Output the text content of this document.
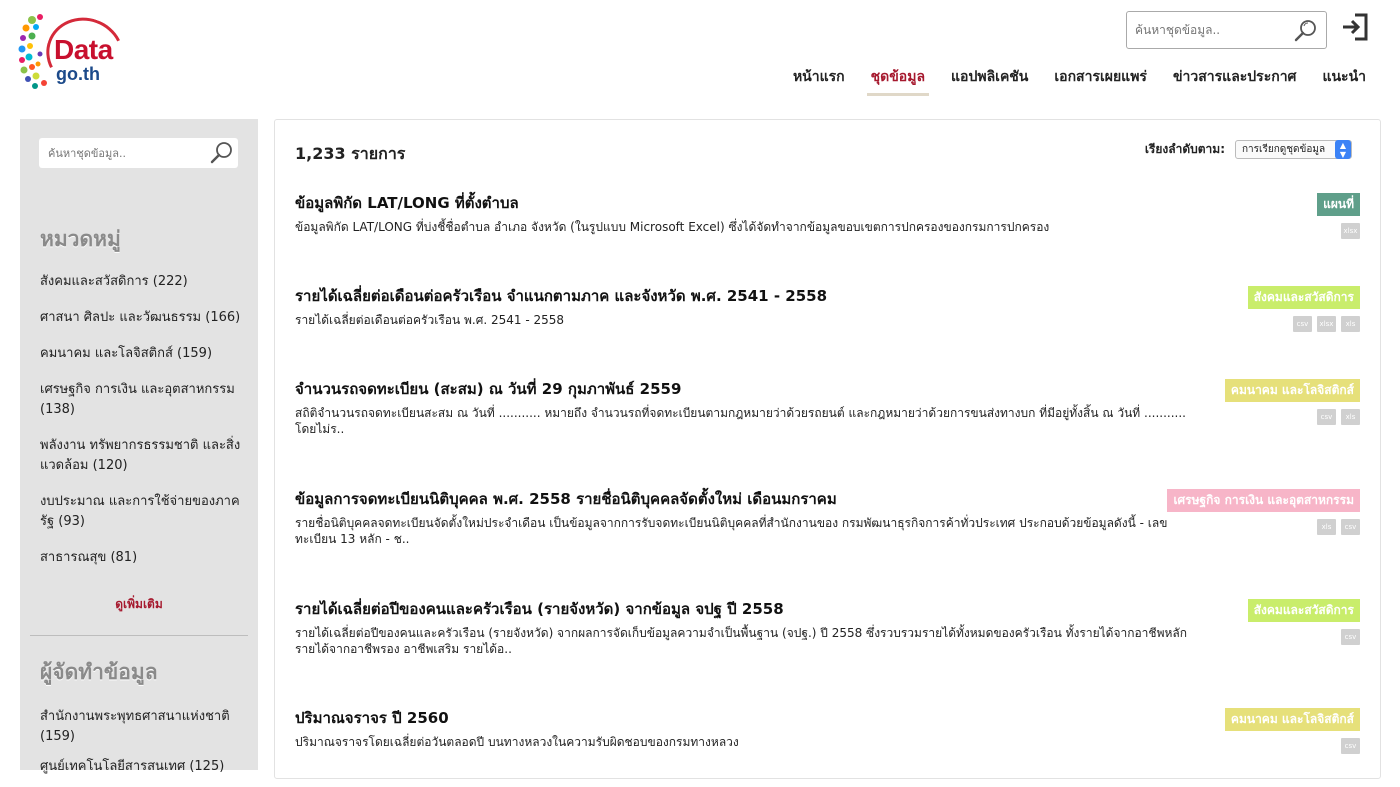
Data
go.th
ค้นหาชุดข้อมูล..	หน้าแรก ชุดข้อมูล แอปพลิเคชัน เอกสารเผยแพร่ ข่าวสารและประกาศ แนะนำ
ค้นหาชุดข้อมูล..
หมวดหมู่
สังคมและสวัสดิการ (222)
ศาสนา ศิลปะ และวัฒนธรรม (166)
คมนาคม และโลจิสติกส์ (159)
เศรษฐกิจ การเงิน และอุตสาหกรรม (138)
พลังงาน ทรัพยากรธรรมชาติ และสิ่งแวดล้อม (120)
งบประมาณ และการใช้จ่ายของภาครัฐ (93)
สาธารณสุข (81)
ดูเพิ่มเติม
ผู้จัดทำข้อมูล
สำนักงานพระพุทธศาสนาแห่งชาติ (159)
ศูนย์เทคโนโลยีสารสนเทศ (125)
1,233 รายการ	เรียงลำดับตาม:	การเรียกดูชุดข้อมูล	▲
▼
ข้อมูลพิกัด LAT/LONG ที่ตั้งตำบล
ข้อมูลพิกัด LAT/LONG ที่บ่งชี้ชื่อตำบล อำเภอ จังหวัด (ในรูปแบบ Microsoft Excel) ซึ่งได้จัดทำจากข้อมูลขอบเขตการปกครองของกรมการปกครอง
แผนที่
xlsx
รายได้เฉลี่ยต่อเดือนต่อครัวเรือน จำแนกตามภาค และจังหวัด พ.ศ. 2541 - 2558
รายได้เฉลี่ยต่อเดือนต่อครัวเรือน พ.ศ. 2541 - 2558
สังคมและสวัสดิการ
csv	xlsx	xls
จำนวนรถจดทะเบียน (สะสม) ณ วันที่ 29 กุมภาพันธ์ 2559
สถิติจำนวนรถจดทะเบียนสะสม ณ วันที่ ........... หมายถึง จำนวนรถที่จดทะเบียนตามกฎหมายว่าด้วยรถยนต์ และกฎหมายว่าด้วยการขนส่งทางบก ที่มีอยู่ทั้งสิ้น ณ วันที่ ........... โดยไม่ร..
คมนาคม และโลจิสติกส์
csv	xls
ข้อมูลการจดทะเบียนนิติบุคคล พ.ศ. 2558 รายชื่อนิติบุคคลจัดตั้งใหม่ เดือนมกราคม
รายชื่อนิติบุคคลจดทะเบียนจัดตั้งใหม่ประจำเดือน เป็นข้อมูลจากการรับจดทะเบียนนิติบุคคลที่สำนักงานของ กรมพัฒนาธุรกิจการค้าทั่วประเทศ ประกอบด้วยข้อมูลดังนี้ - เลขทะเบียน 13 หลัก - ช..
เศรษฐกิจ การเงิน และอุตสาหกรรม
xls	csv
รายได้เฉลี่ยต่อปีของคนและครัวเรือน (รายจังหวัด) จากข้อมูล จปฐ ปี 2558
รายได้เฉลี่ยต่อปีของคนและครัวเรือน (รายจังหวัด) จากผลการจัดเก็บข้อมูลความจำเป็นพื้นฐาน (จปฐ.) ปี 2558 ซึ่งรวบรวมรายได้ทั้งหมดของครัวเรือน ทั้งรายได้จากอาชีพหลัก รายได้จากอาชีพรอง อาชีพเสริม รายได้อ..
สังคมและสวัสดิการ
csv
ปริมาณจราจร ปี 2560
ปริมาณจราจรโดยเฉลี่ยต่อวันตลอดปี บนทางหลวงในความรับผิดชอบของกรมทางหลวง
คมนาคม และโลจิสติกส์
csv
